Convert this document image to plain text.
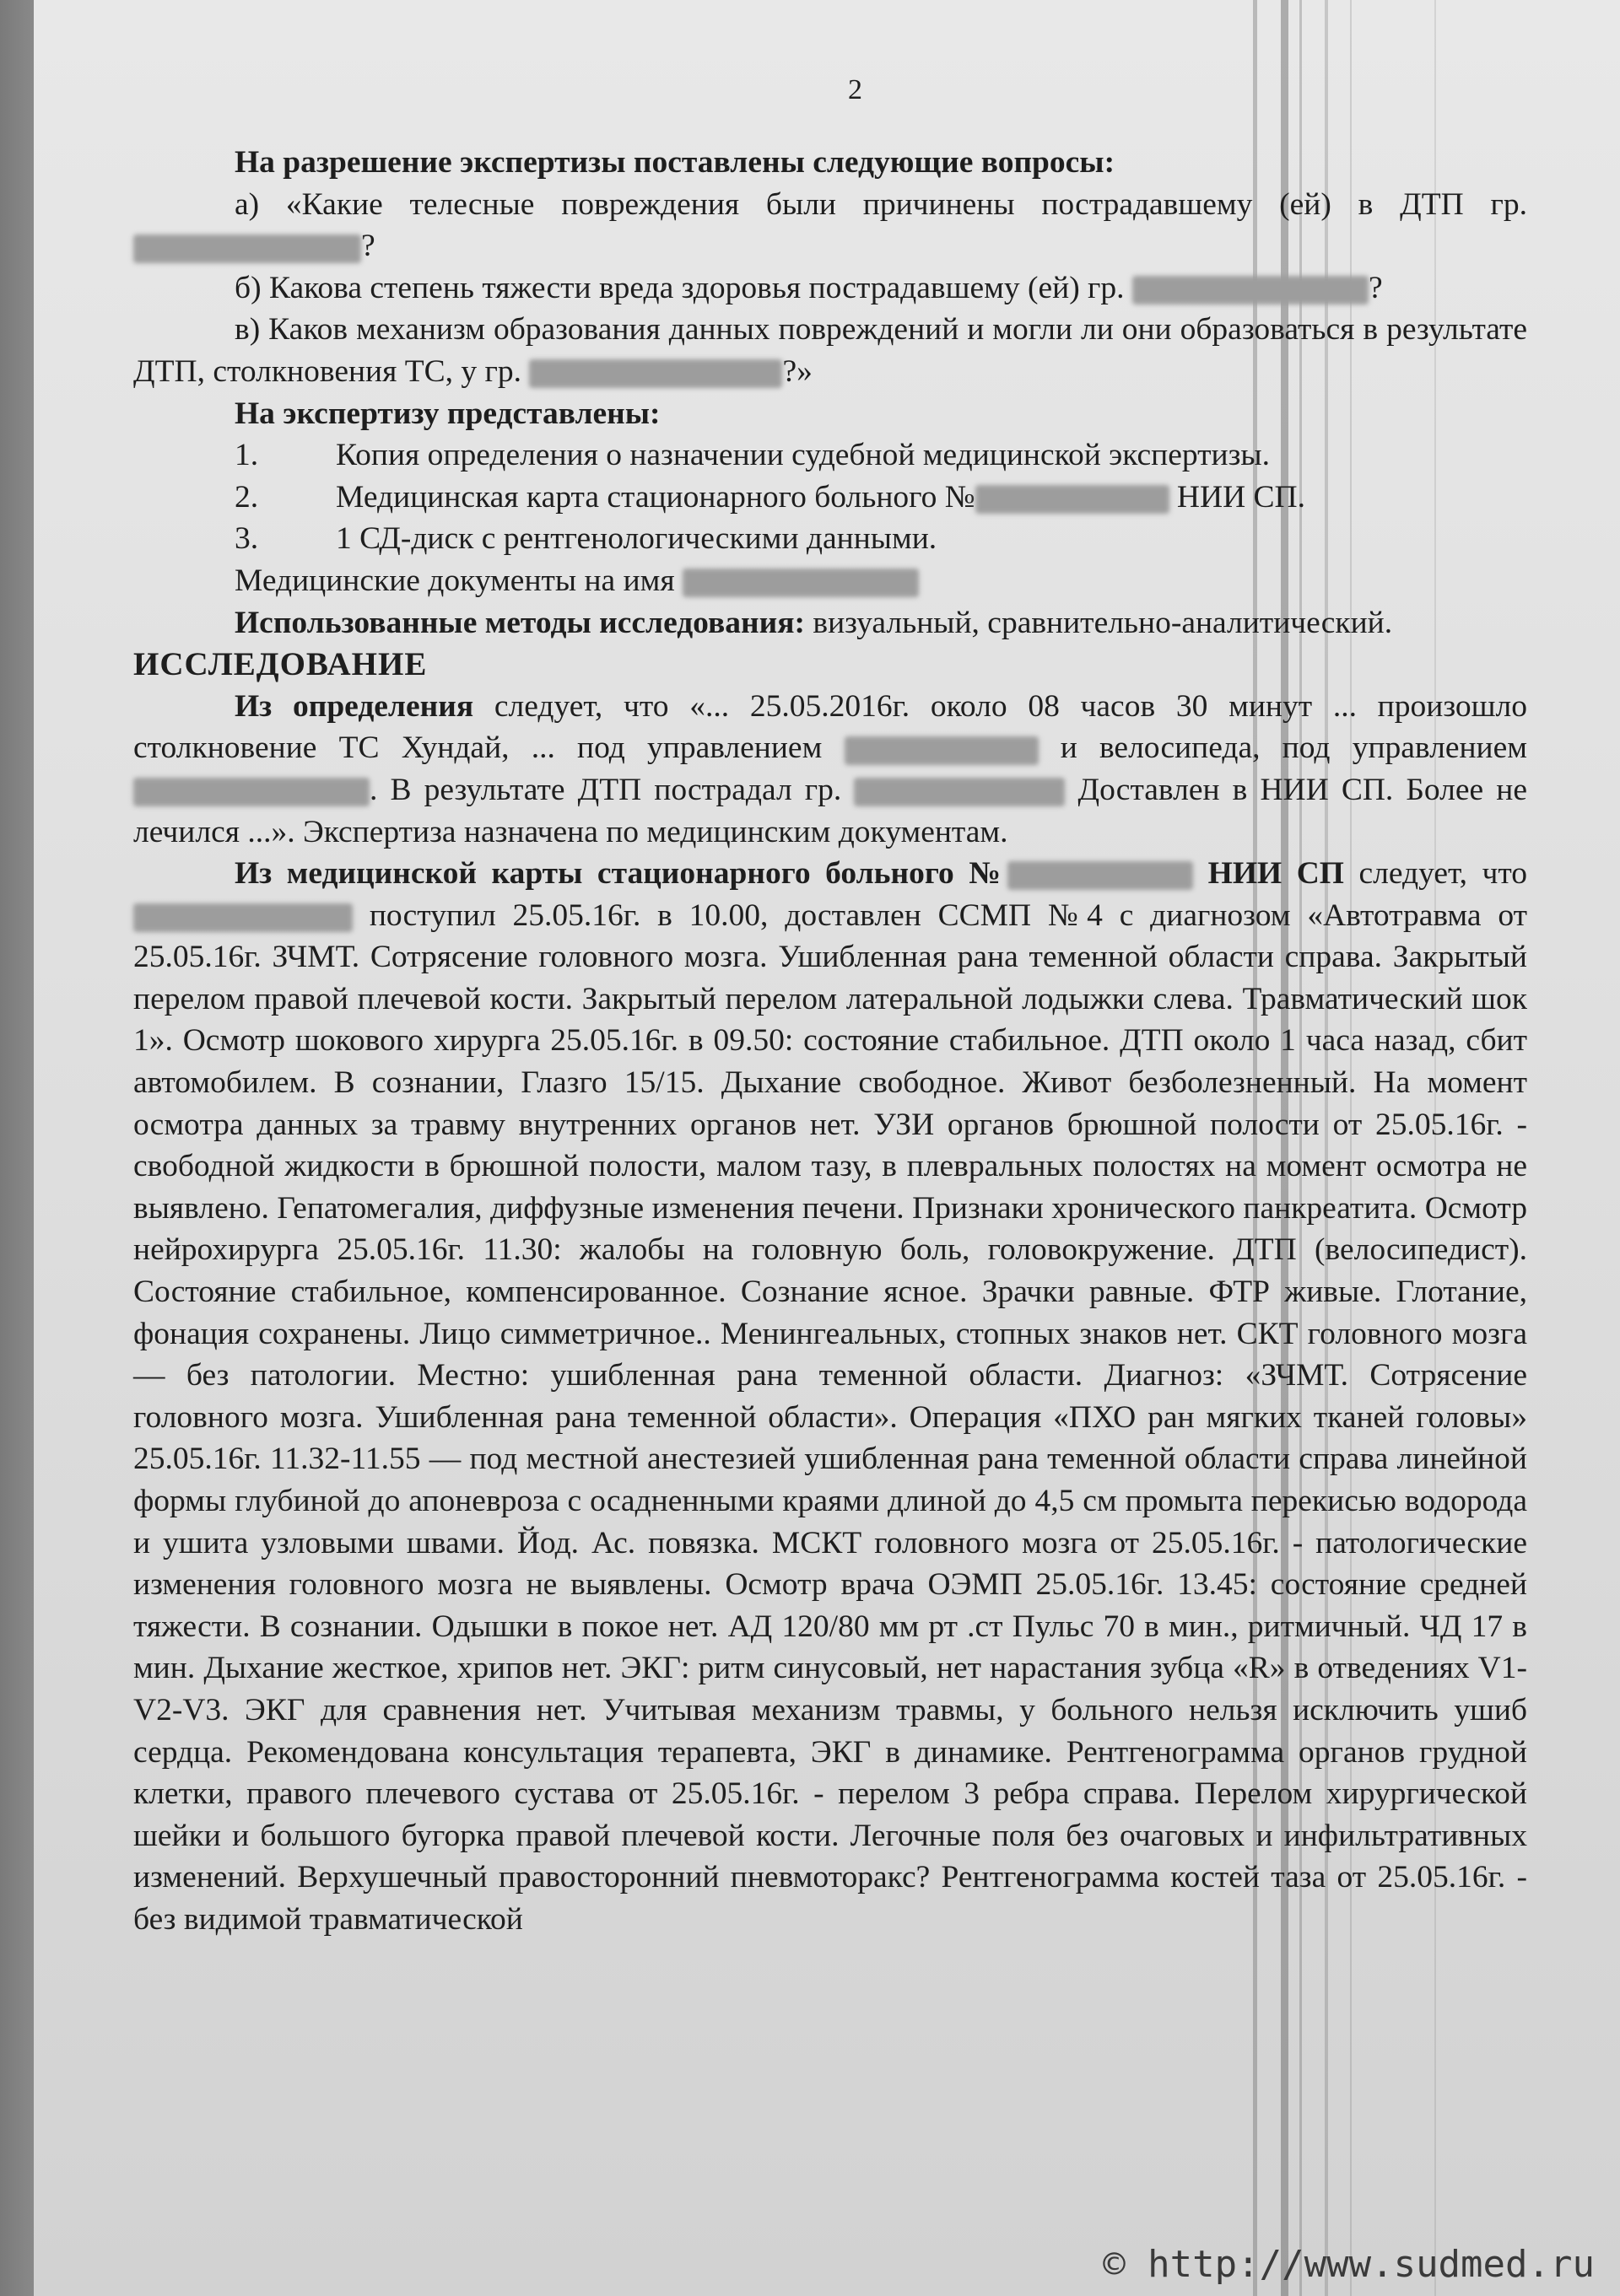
2

На разрешение экспертизы поставлены следующие вопросы:

а) «Какие телесные повреждения были причинены пострадавшему (ей) в ДТП гр. ?

б) Какова степень тяжести вреда здоровья пострадавшему (ей) гр.	?

в) Каков механизм образования данных повреждений и могли ли они образоваться в результате ДТП, столкновения ТС, у гр.	?»

На экспертизу представлены:

1.	Копия определения о назначении судебной медицинской экспертизы.
2.	Медицинская карта стационарного больного №	НИИ СП.
3.	1 СД-диск с рентгенологическими данными.

Медицинские документы на имя

Использованные методы исследования: визуальный, сравнительно-аналитический.

ИССЛЕДОВАНИЕ

Из определения следует, что «... 25.05.2016г. около 08 часов 30 минут ... произошло столкновение ТС Хундай, ... под управлением	и велосипеда, под управлением . В результате ДТП пострадал гр.	Доставлен в НИИ СП. Более не лечился ...». Экспертиза назначена по медицинским документам.

Из медицинской карты стационарного больного №	НИИ СП следует, что  поступил 25.05.16г. в 10.00, доставлен ССМП №4 с диагнозом «Автотравма от 25.05.16г. ЗЧМТ. Сотрясение головного мозга. Ушибленная рана теменной области справа. Закрытый перелом правой плечевой кости. Закрытый перелом латеральной лодыжки слева. Травматический шок 1». Осмотр шокового хирурга 25.05.16г. в 09.50: состояние стабильное. ДТП около 1 часа назад, сбит автомобилем. В сознании, Глазго 15/15. Дыхание свободное. Живот безболезненный. На момент осмотра данных за травму внутренних органов нет. УЗИ органов брюшной полости от 25.05.16г. - свободной жидкости в брюшной полости, малом тазу, в плевральных полостях на момент осмотра не выявлено. Гепатомегалия, диффузные изменения печени. Признаки хронического панкреатита. Осмотр нейрохирурга 25.05.16г. 11.30: жалобы на головную боль, головокружение. ДТП (велосипедист). Состояние стабильное, компенсированное. Сознание ясное. Зрачки равные. ФТР живые. Глотание, фонация сохранены. Лицо симметричное.. Менингеальных, стопных знаков нет. СКТ головного мозга — без патологии. Местно: ушибленная рана теменной области. Диагноз: «ЗЧМТ. Сотрясение головного мозга. Ушибленная рана теменной области». Операция «ПХО ран мягких тканей головы» 25.05.16г. 11.32-11.55 — под местной анестезией ушибленная рана теменной области справа линейной формы глубиной до апоневроза с осадненными краями длиной до 4,5 см промыта перекисью водорода и ушита узловыми швами. Йод. Ас. повязка. МСКТ головного мозга от 25.05.16г. - патологические изменения головного мозга не выявлены. Осмотр врача ОЭМП 25.05.16г. 13.45: состояние средней тяжести. В сознании. Одышки в покое нет. АД 120/80 мм рт .ст Пульс 70 в мин., ритмичный. ЧД 17 в мин. Дыхание жесткое, хрипов нет. ЭКГ: ритм синусовый, нет нарастания зубца «R» в отведениях V1-V2-V3. ЭКГ для сравнения нет. Учитывая механизм травмы, у больного нельзя исключить ушиб сердца. Рекомендована консультация терапевта, ЭКГ в динамике. Рентгенограмма органов грудной клетки, правого плечевого сустава от 25.05.16г. - перелом 3 ребра справа. Перелом хирургической шейки и большого бугорка правой плечевой кости. Легочные поля без очаговых и инфильтративных изменений. Верхушечный правосторонний пневмоторакс? Рентгенограмма костей таза от 25.05.16г. - без видимой травматической

© http://www.sudmed.ru
